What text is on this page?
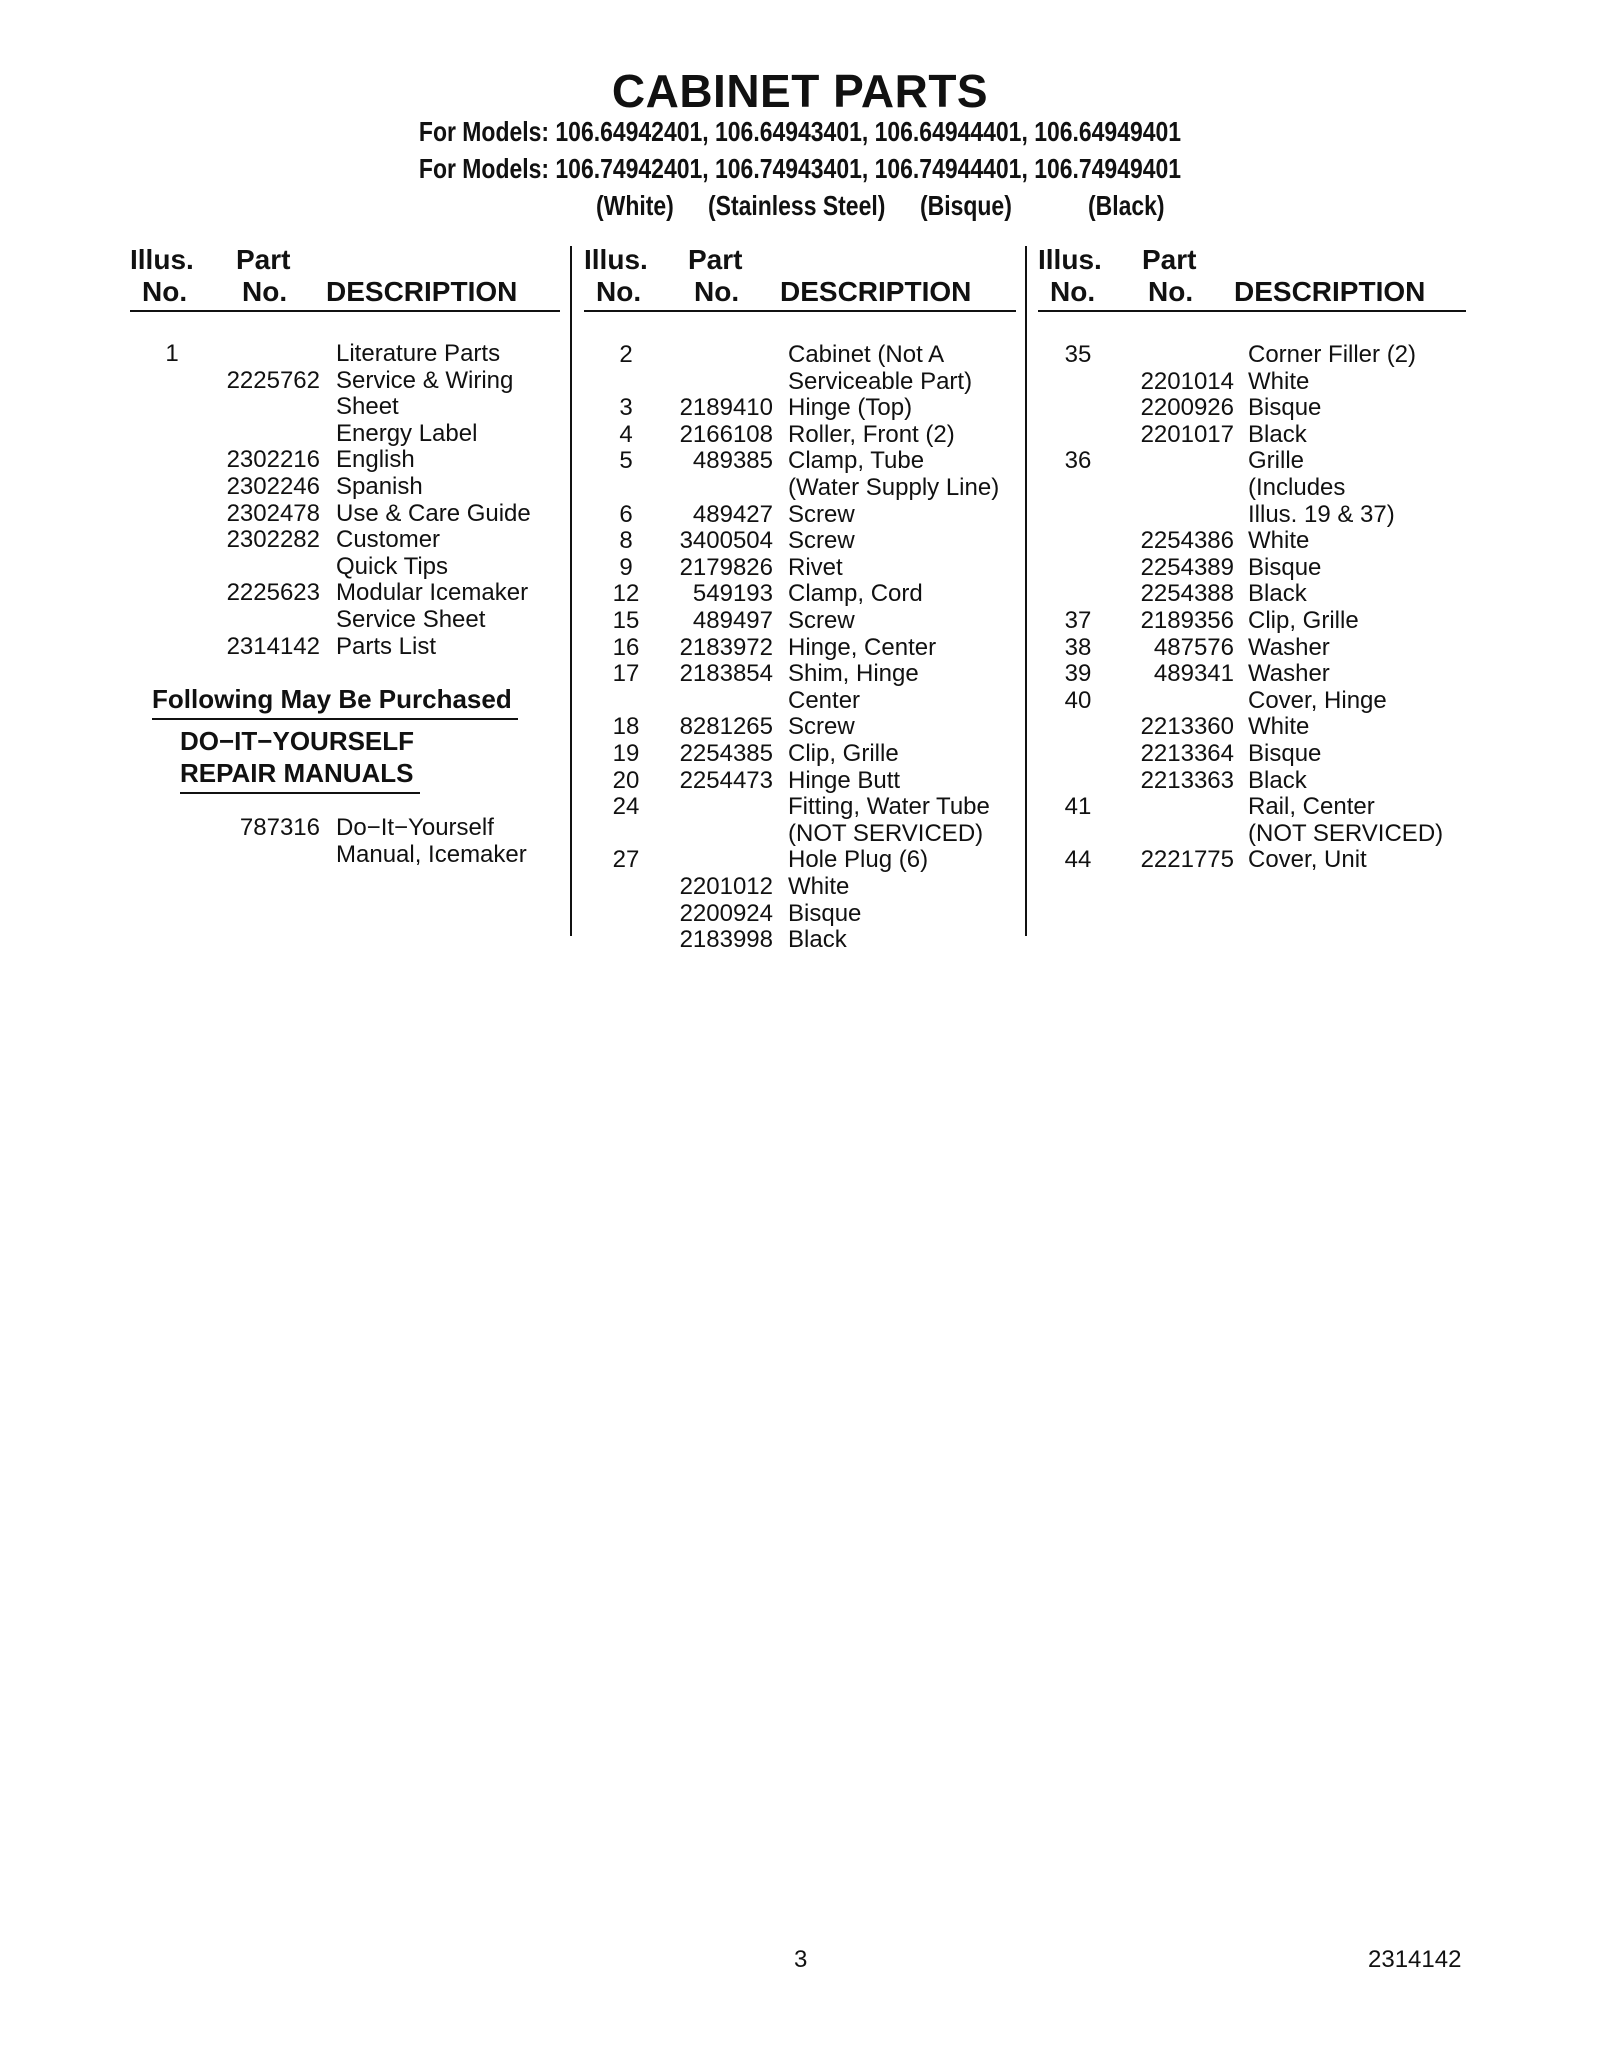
CABINET PARTS
For Models: 106.64942401, 106.64943401, 106.64944401, 106.64949401
For Models: 106.74942401, 106.74943401, 106.74944401, 106.74949401
(White) (Stainless Steel) (Bisque)	(Black)
Illus.
No.
Part
No. DESCRIPTION
Illus.
No.
Part
No. DESCRIPTION
Illus.
No.
Part
No. DESCRIPTION
1	Literature Parts
2225762 Service & Wiring
Sheet
Energy Label
2302216 English
2302246 Spanish
2302478 Use & Care Guide
2302282 Customer
Quick Tips
2225623 Modular Icemaker
Service Sheet
2314142 Parts List
Following May Be Purchased
DO−IT−YOURSELF
REPAIR MANUALS
787316 Do−It−Yourself
Manual, Icemaker
2	Cabinet (Not A
Serviceable Part)
3	2189410 Hinge (Top)
4	2166108 Roller, Front (2)
5	489385 Clamp, Tube
(Water Supply Line)
6	489427 Screw
8	3400504 Screw
9	2179826 Rivet
12	549193 Clamp, Cord
15	489497 Screw
16	2183972 Hinge, Center
17	2183854 Shim, Hinge
Center
18	8281265 Screw
19	2254385 Clip, Grille
20	2254473 Hinge Butt
24	Fitting, Water Tube
(NOT SERVICED)
27	Hole Plug (6)
2201012 White
2200924 Bisque
2183998 Black
35	Corner Filler (2)
2201014 White
2200926 Bisque
2201017 Black
36	Grille
(Includes
Illus. 19 & 37)
2254386 White
2254389 Bisque
2254388 Black
37	2189356 Clip, Grille
38	487576 Washer
39	489341 Washer
40	Cover, Hinge
2213360 White
2213364 Bisque
2213363 Black
41	Rail, Center
(NOT SERVICED)
44	2221775 Cover, Unit
3	2314142
